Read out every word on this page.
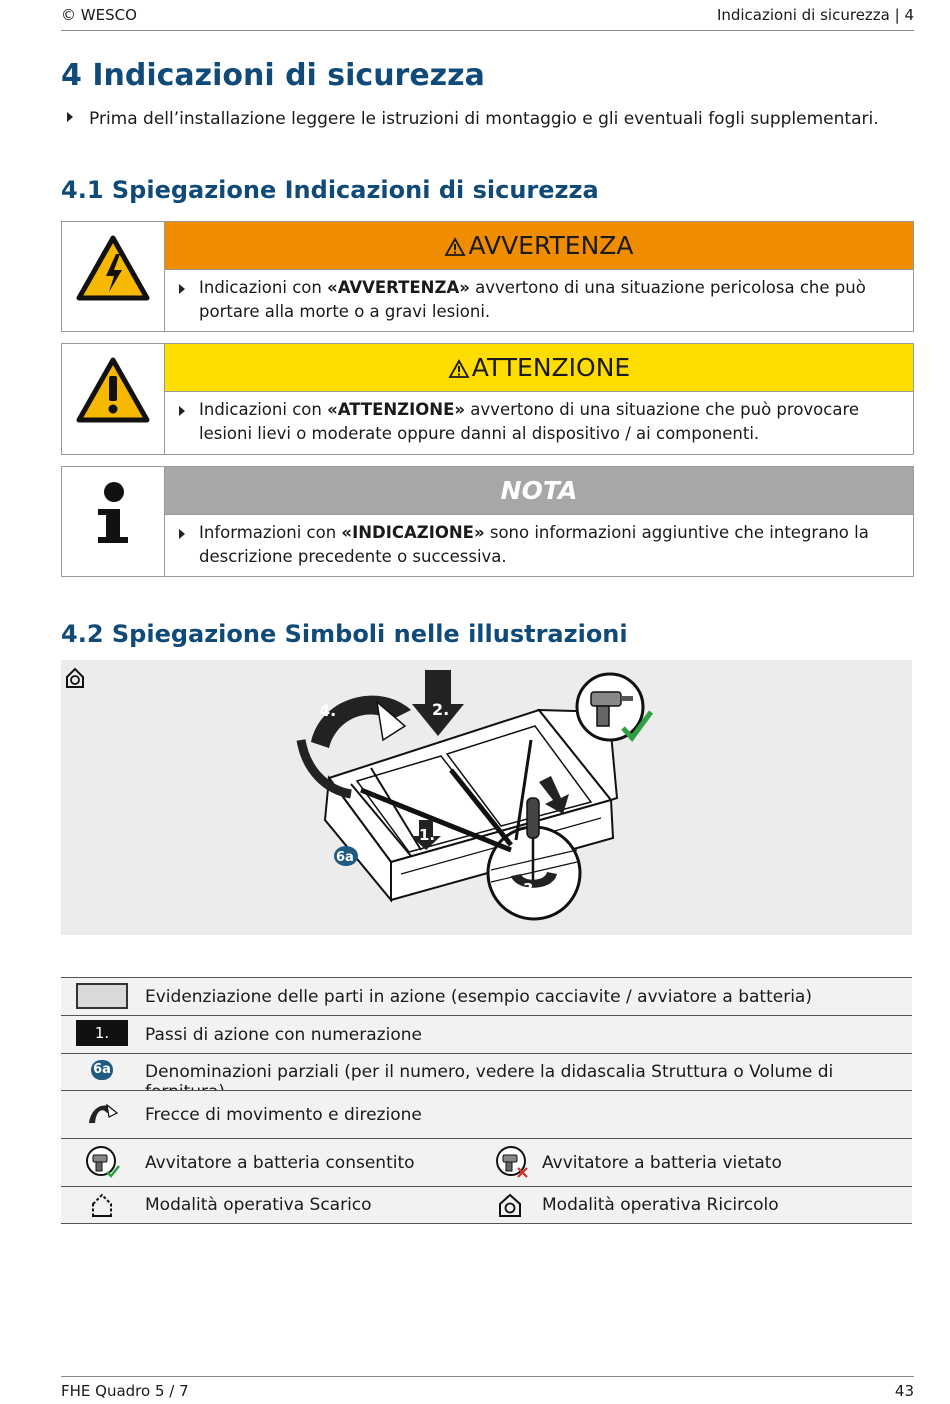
© WESCO	Indicazioni di sicurezza | 4
4 Indicazioni di sicurezza
Prima dell’installazione leggere le istruzioni di montaggio e gli eventuali fogli supplementari.
4.1 Spiegazione Indicazioni di sicurezza
AVVERTENZA
Indicazioni con «AVVERTENZA» avvertono di una situazione pericolosa che può portare alla morte o a gravi lesioni.
ATTENZIONE
Indicazioni con «ATTENZIONE» avvertono di una situazione che può provocare lesioni lievi o moderate oppure danni al dispositivo / ai componenti.
NOTA
Informazioni con «INDICAZIONE» sono informazioni aggiuntive che integrano la descrizione precedente o successiva.
4.2 Spiegazione Simboli nelle illustrazioni
2.
4.
1.
3.
6a
Evidenziazione delle parti in azione (esempio cacciavite / avviatore a batteria)
1.	Passi di azione con numerazione
6a Denominazioni parziali (per il numero, vedere la didascalia Struttura o Volume di
Frecce di movimento e direzione
Avvitatore a batteria consentito	Avvitatore a batteria vietato
Modalità operativa Scarico	Modalità operativa Ricircolo
FHE Quadro 5 / 7	43
